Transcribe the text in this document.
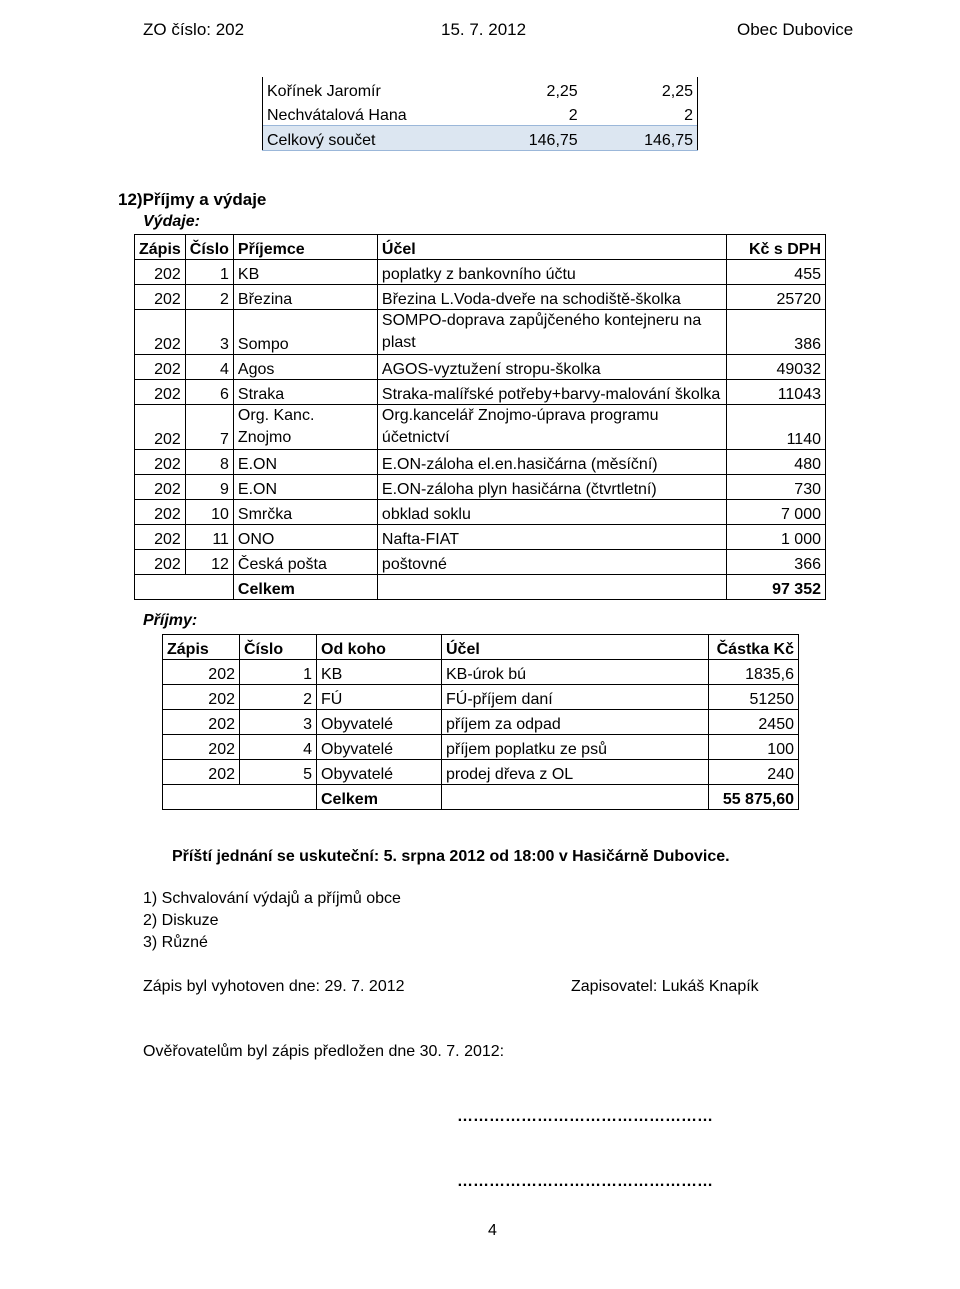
ZO číslo: 202	15. 7. 2012	Obec Dubovice
Kořínek Jaromír	2,25	2,25
Nechvátalová Hana	2	2
Celkový součet	146,75	146,75
12)Příjmy a výdaje
Výdaje:
Zápis	Číslo	Příjemce	Účel	Kč s DPH
202	1	KB	poplatky z bankovního účtu	455
202	2	Březina	Březina L.Voda-dveře na schodiště-školka	25720
202	3	Sompo	SOMPO-doprava zapůjčeného kontejneru na plast	386
202	4	Agos	AGOS-vyztužení stropu-školka	49032
202	6	Straka	Straka-malířské potřeby+barvy-malování školka	11043
202	7	Org. Kanc. Znojmo	Org.kancelář Znojmo-úprava programu účetnictví	1140
202	8	E.ON	E.ON-záloha el.en.hasičárna (měsíční)	480
202	9	E.ON	E.ON-záloha plyn hasičárna (čtvrtletní)	730
202	10	Smrčka	obklad soklu	7 000
202	11	ONO	Nafta-FIAT	1 000
202	12	Česká pošta	poštovné	366
		Celkem		97 352
Příjmy:
Zápis	Číslo	Od koho	Účel	Částka Kč
202	1	KB	KB-úrok bú	1835,6
202	2	FÚ	FÚ-příjem daní	51250
202	3	Obyvatelé	příjem za odpad	2450
202	4	Obyvatelé	příjem poplatku ze psů	100
202	5	Obyvatelé	prodej dřeva z OL	240
		Celkem		55 875,60
Příští jednání se uskuteční: 5. srpna 2012 od 18:00 v Hasičárně Dubovice.
1) Schvalování výdajů a příjmů obce
2) Diskuze
3) Různé
Zápis byl vyhotoven dne: 29. 7. 2012	Zapisovatel: Lukáš Knapík
Ověřovatelům byl zápis předložen dne 30. 7. 2012:
…………………………………………
…………………………………………
4
